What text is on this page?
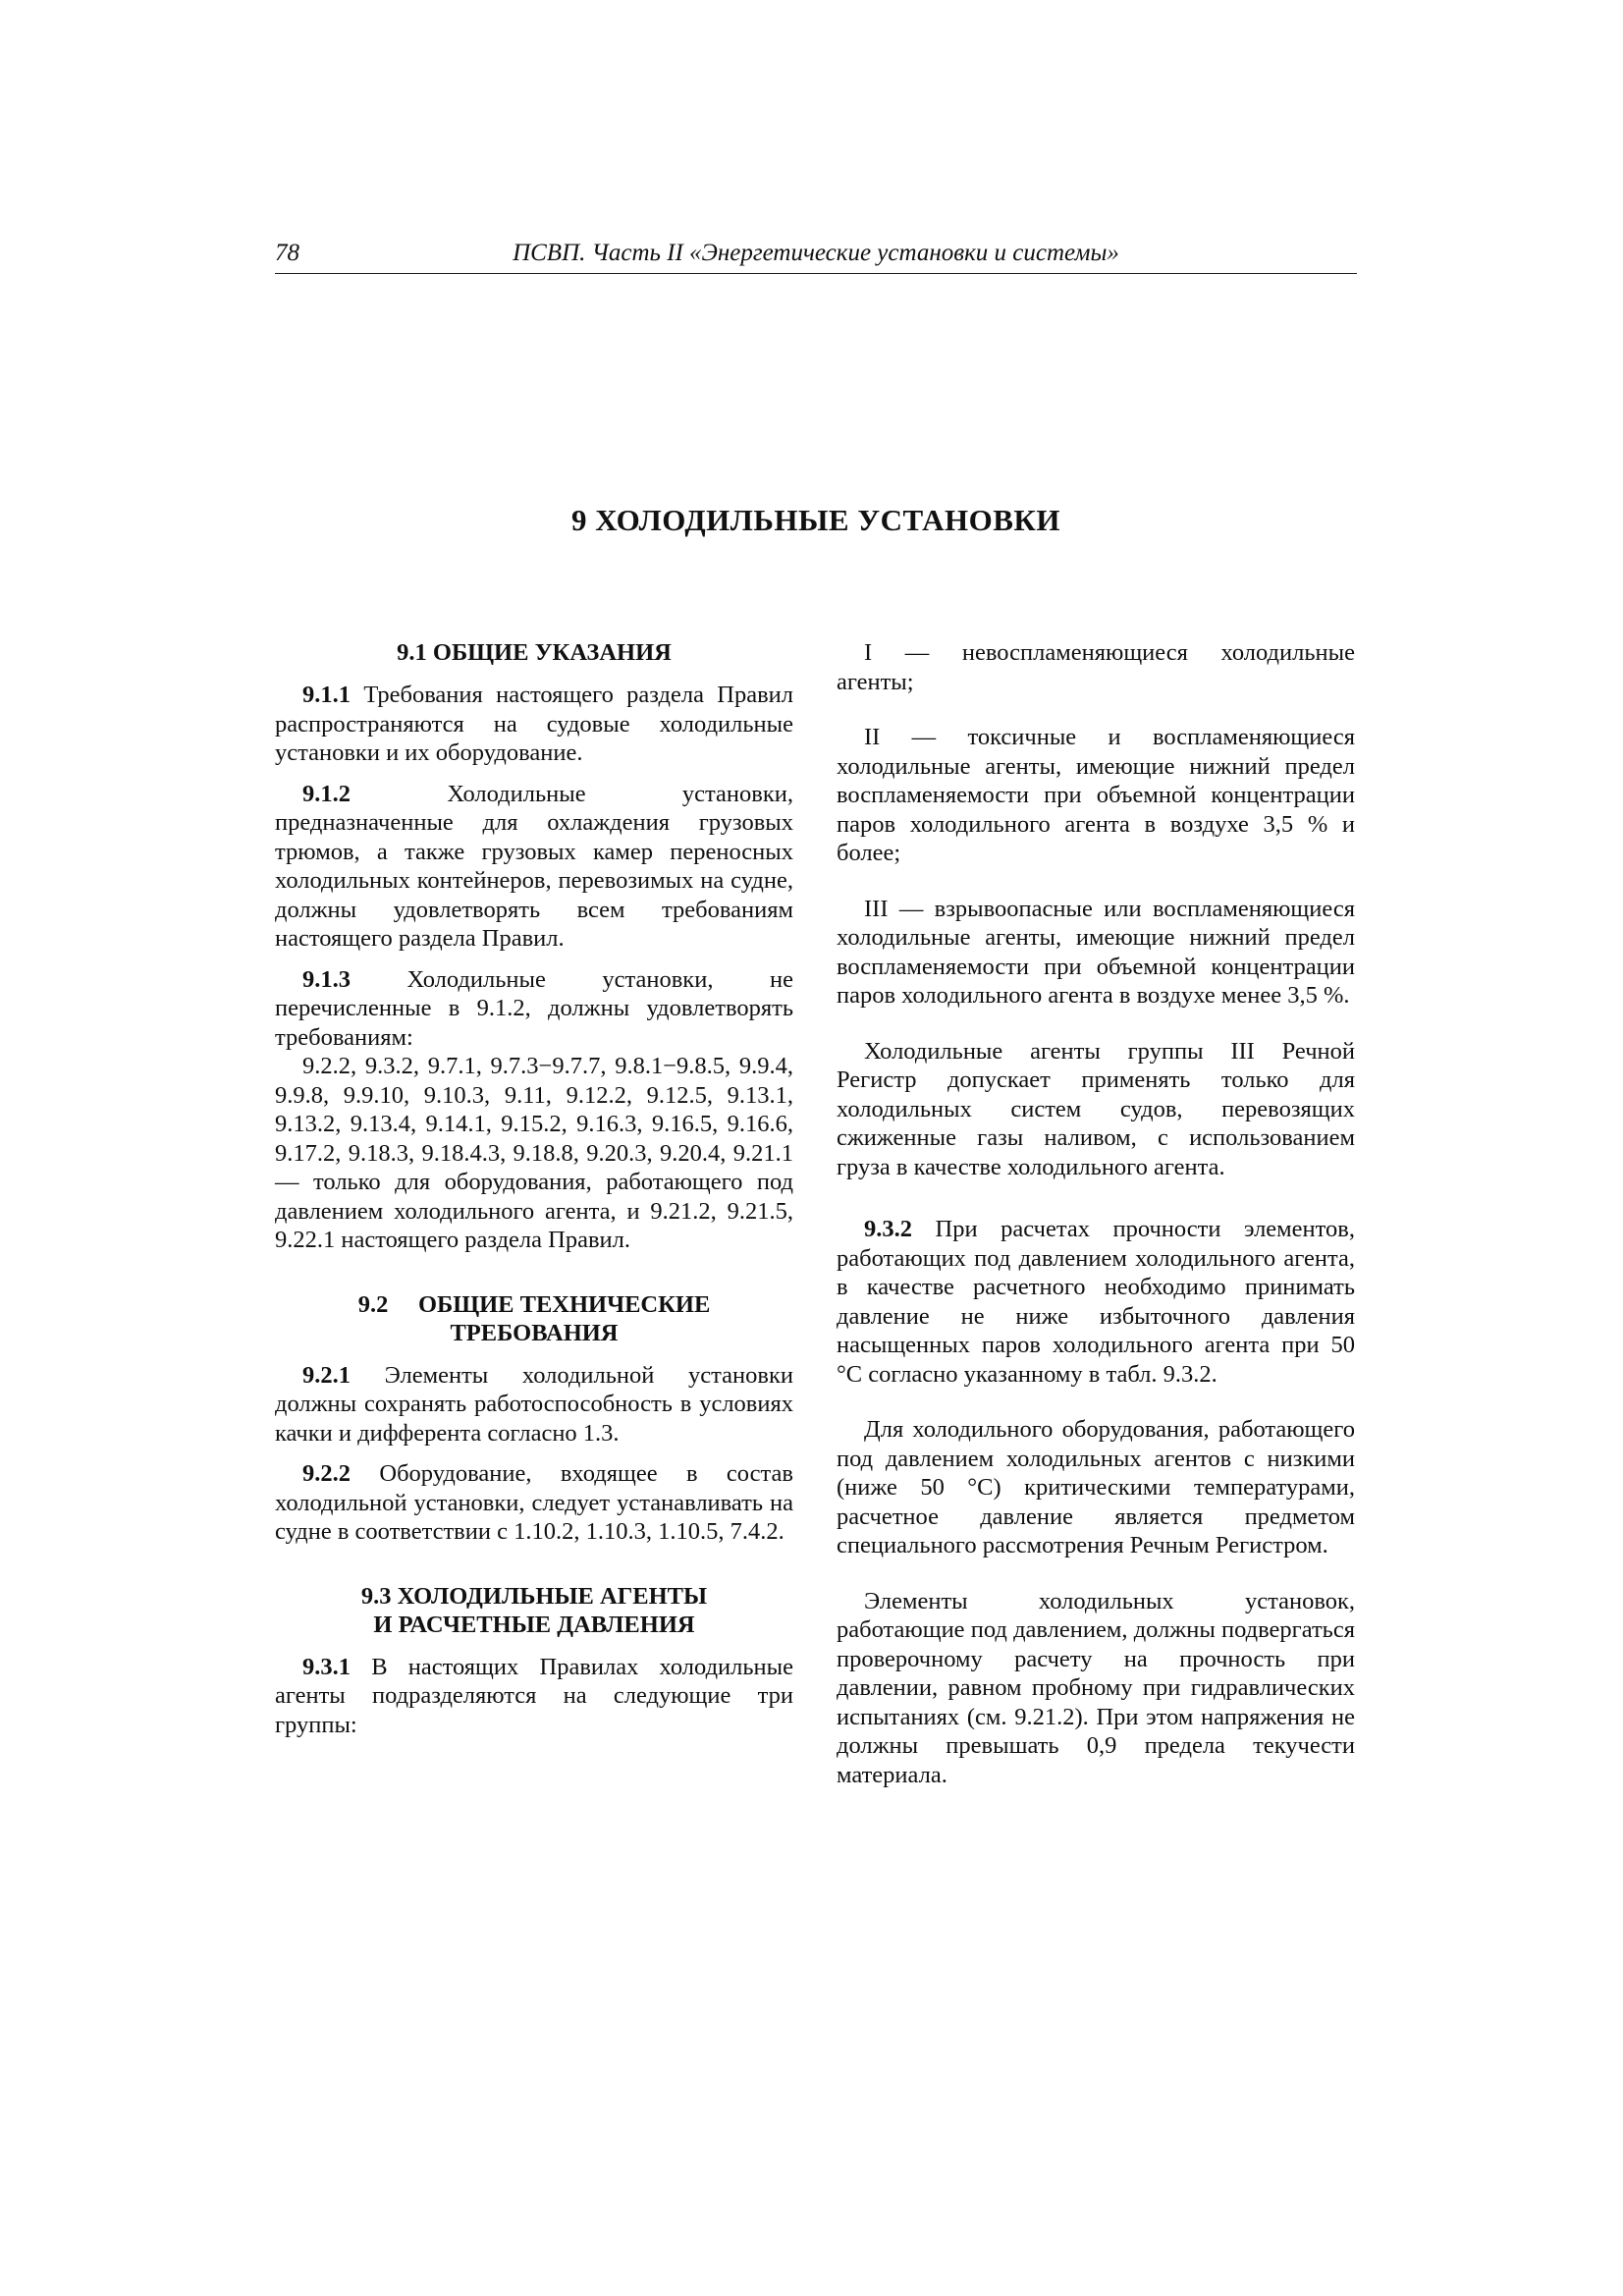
78	ПСВП. Часть II «Энергетические установки и системы»
9 ХОЛОДИЛЬНЫЕ УСТАНОВКИ
9.1 ОБЩИЕ УКАЗАНИЯ

9.1.1 Требования настоящего раздела Правил распространяются на судовые холодильные установки и их оборудование.

9.1.2 Холодильные установки, предназначенные для охлаждения грузовых трюмов, а также грузовых камер переносных холодильных контейнеров, перевозимых на судне, должны удовлетворять всем требованиям настоящего раздела Правил.

9.1.3 Холодильные установки, не перечисленные в 9.1.2, должны удовлетворять требованиям:

9.2.2, 9.3.2, 9.7.1, 9.7.3−9.7.7, 9.8.1−9.8.5, 9.9.4, 9.9.8, 9.9.10, 9.10.3, 9.11, 9.12.2, 9.12.5, 9.13.1, 9.13.2, 9.13.4, 9.14.1, 9.15.2, 9.16.3, 9.16.5, 9.16.6, 9.17.2, 9.18.3, 9.18.4.3, 9.18.8, 9.20.3, 9.20.4, 9.21.1 — только для оборудования, работающего под давлением холодильного агента, и 9.21.2, 9.21.5, 9.22.1 настоящего раздела Правил.

9.2     ОБЩИЕ ТЕХНИЧЕСКИЕ
ТРЕБОВАНИЯ

9.2.1 Элементы холодильной установки должны сохранять работоспособность в условиях качки и дифферента согласно 1.3.

9.2.2 Оборудование, входящее в состав холодильной установки, следует устанавливать на судне в соответствии с 1.10.2, 1.10.3, 1.10.5, 7.4.2.

9.3 ХОЛОДИЛЬНЫЕ АГЕНТЫ
И РАСЧЕТНЫЕ ДАВЛЕНИЯ

9.3.1 В настоящих Правилах холодильные агенты подразделяются на следующие три группы:

I — невоспламеняющиеся холодильные агенты;

II — токсичные и воспламеняющиеся холодильные агенты, имеющие нижний предел воспламеняемости при объемной концентрации паров холодильного агента в воздухе 3,5 % и более;

III — взрывоопасные или воспламеняющиеся холодильные агенты, имеющие нижний предел воспламеняемости при объемной концентрации паров холодильного агента в воздухе менее 3,5 %.

Холодильные агенты группы III Речной Регистр допускает применять только для холодильных систем судов, перевозящих сжиженные газы наливом, с использованием груза в качестве холодильного агента.

9.3.2 При расчетах прочности элементов, работающих под давлением холодильного агента, в качестве расчетного необходимо принимать давление не ниже избыточного давления насыщенных паров холодильного агента при 50 °С согласно указанному в табл. 9.3.2.

Для холодильного оборудования, работающего под давлением холодильных агентов с низкими (ниже 50 °С) критическими температурами, расчетное давление является предметом специального рассмотрения Речным Регистром.

Элементы холодильных установок, работающие под давлением, должны подвергаться проверочному расчету на прочность при давлении, равном пробному при гидравлических испытаниях (см. 9.21.2). При этом напряжения не должны превышать 0,9 предела текучести материала.
